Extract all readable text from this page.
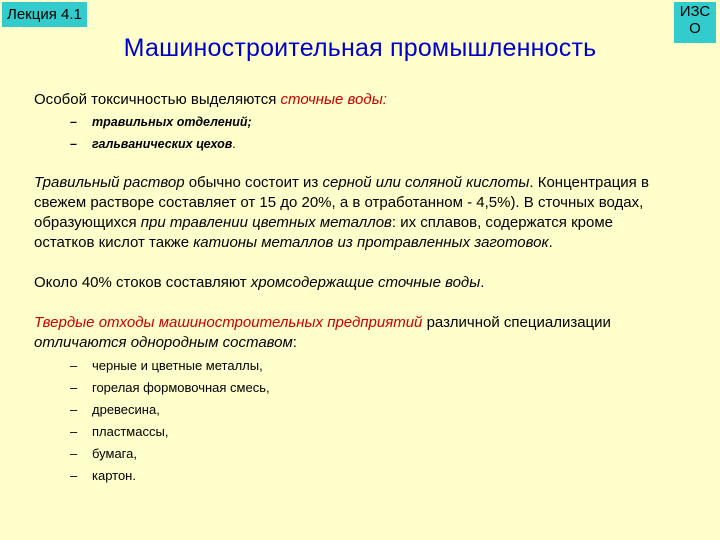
Лекция 4.1	ИЗС
О
Машиностроительная промышленность

Особой токсичностью выделяются сточные воды:

– травильных отделений;
– гальванических цехов.

Травильный раствор обычно состоит из серной или соляной кислоты. Концентрация в свежем растворе составляет от 15 до 20%, а в отработанном - 4,5%). В сточных водах, образующихся при травлении цветных металлов: их сплавов, содержатся кроме остатков кислот также катионы металлов из протравленных заготовок.

Около 40% стоков составляют хромсодержащие сточные воды.

Твердые отходы машиностроительных предприятий различной специализации отличаются однородным составом:

– черные и цветные металлы,
– горелая формовочная смесь,
– древесина,
– пластмассы,
– бумага,
– картон.
